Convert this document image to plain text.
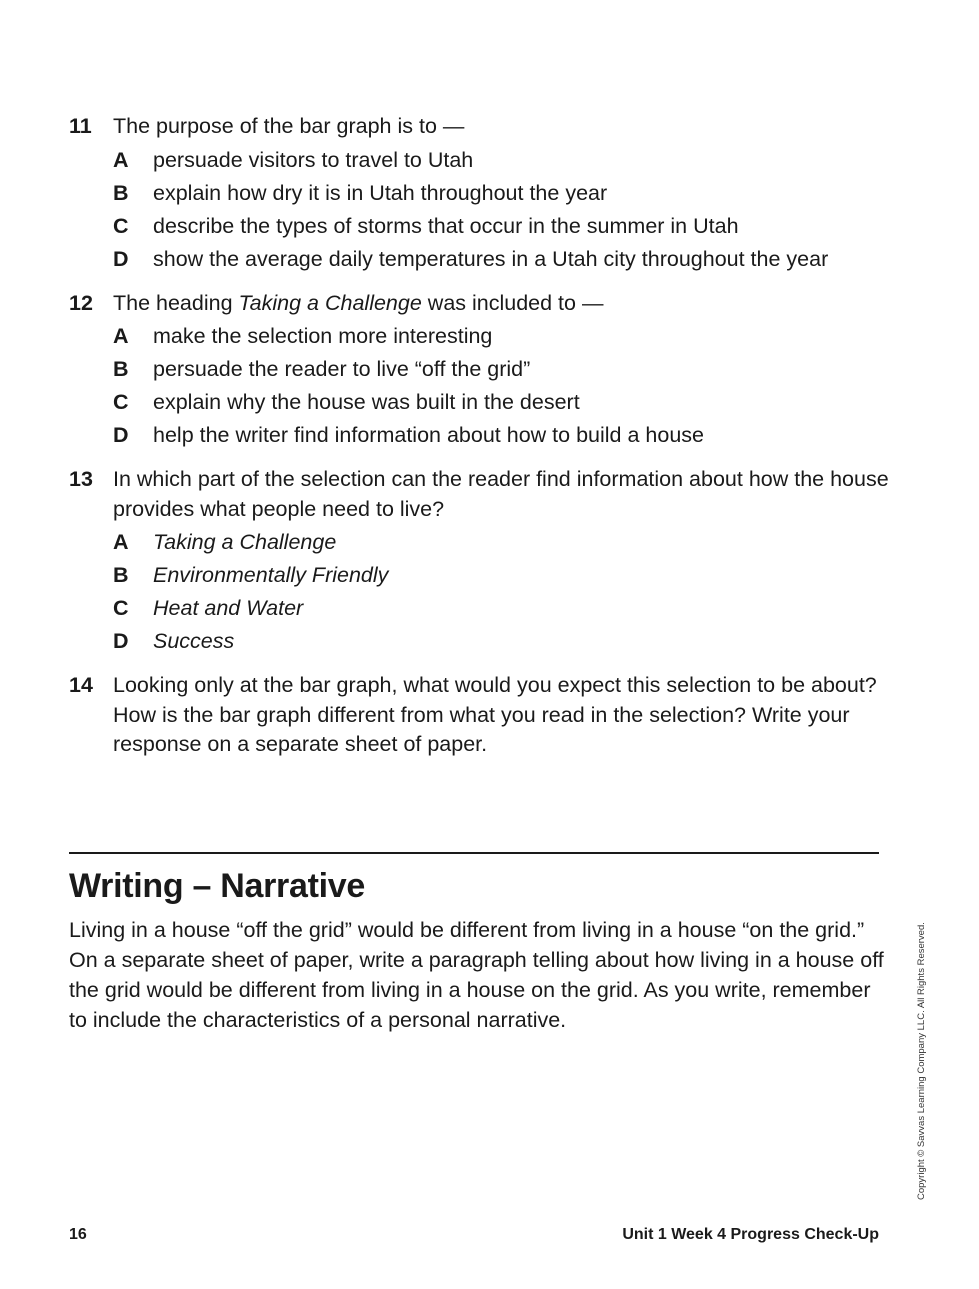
11 The purpose of the bar graph is to —
A	persuade visitors to travel to Utah
B	explain how dry it is in Utah throughout the year
C	describe the types of storms that occur in the summer in Utah
D	show the average daily temperatures in a Utah city throughout the year
12 The heading Taking a Challenge was included to —
A	make the selection more interesting
B	persuade the reader to live “off the grid”
C	explain why the house was built in the desert
D	help the writer find information about how to build a house
13 In which part of the selection can the reader find information about how the house provides what people need to live?
A	Taking a Challenge
B	Environmentally Friendly
C	Heat and Water
D	Success
14 Looking only at the bar graph, what would you expect this selection to be about? How is the bar graph different from what you read in the selection? Write your response on a separate sheet of paper.
Writing – Narrative

Living in a house “off the grid” would be different from living in a house “on the grid.” On a separate sheet of paper, write a paragraph telling about how living in a house off the grid would be different from living in a house on the grid. As you write, remember to include the characteristics of a personal narrative.	Copyright © Savvas Learning Company LLC. All Rights Reserved.
16	Unit 1 Week 4 Progress Check-Up
